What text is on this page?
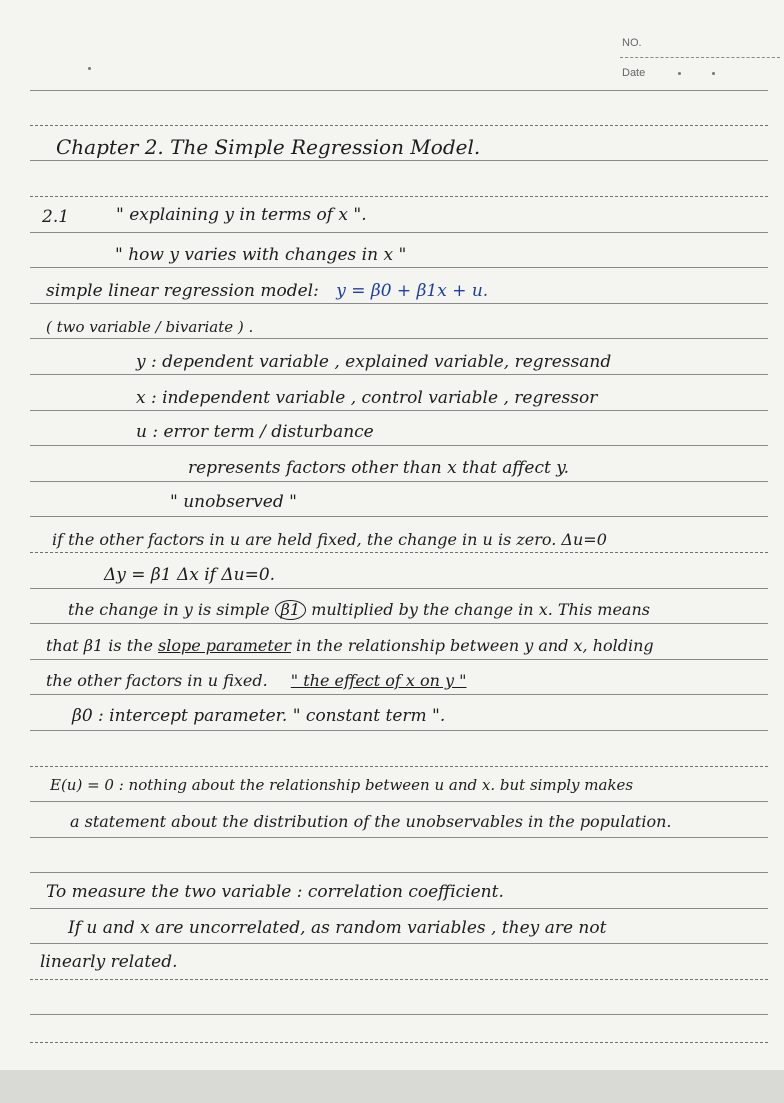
NO.
Date
Chapter 2. The Simple Regression Model.
2.1	" explaining y in terms of x ".
" how y varies with changes in x "
simple linear regression model: y = β0 + β1x + u.
( two variable / bivariate ) .
y : dependent variable , explained variable, regressand
x : independent variable , control variable , regressor
u : error term / disturbance
represents factors other than x that affect y.
" unobserved "
if the other factors in u are held fixed, the change in u is zero. Δu=0
Δy = β1 Δx if Δu=0.
the change in y is simple β1 multiplied by the change in x. This means
that β1 is the slope parameter in the relationship between y and x, holding
the other factors in u fixed. " the effect of x on y "
β0 : intercept parameter. " constant term ".
E(u) = 0 : nothing about the relationship between u and x. but simply makes
a statement about the distribution of the unobservables in the population.
To measure the two variable : correlation coefficient.
If u and x are uncorrelated, as random variables , they are not
linearly related.
